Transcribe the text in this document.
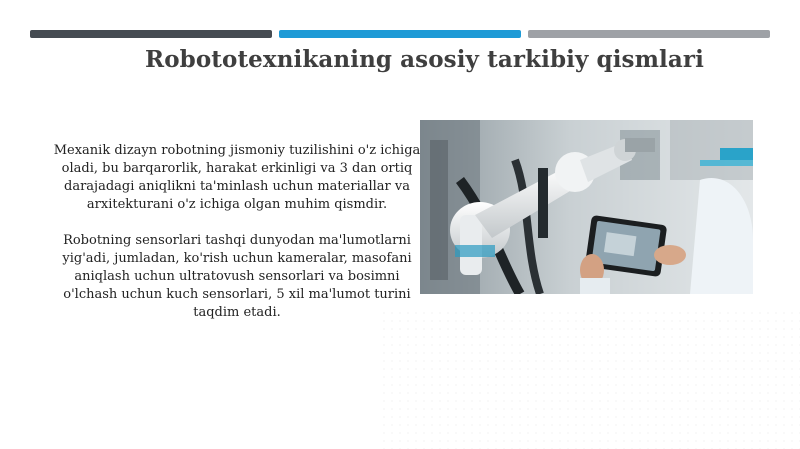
Robototexnikaning asosiy tarkibiy qismlari

Mexanik dizayn robotning jismoniy tuzilishini o'z ichiga oladi, bu barqarorlik, harakat erkinligi va 3 dan ortiq darajadagi aniqlikni ta'minlash uchun materiallar va arxitekturani o'z ichiga olgan muhim qismdir.

Robotning sensorlari tashqi dunyodan ma'lumotlarni yig'adi, jumladan, ko'rish uchun kameralar, masofani aniqlash uchun ultratovush sensorlari va bosimni o'lchash uchun kuch sensorlari, 5 xil ma'lumot turini taqdim etadi.
